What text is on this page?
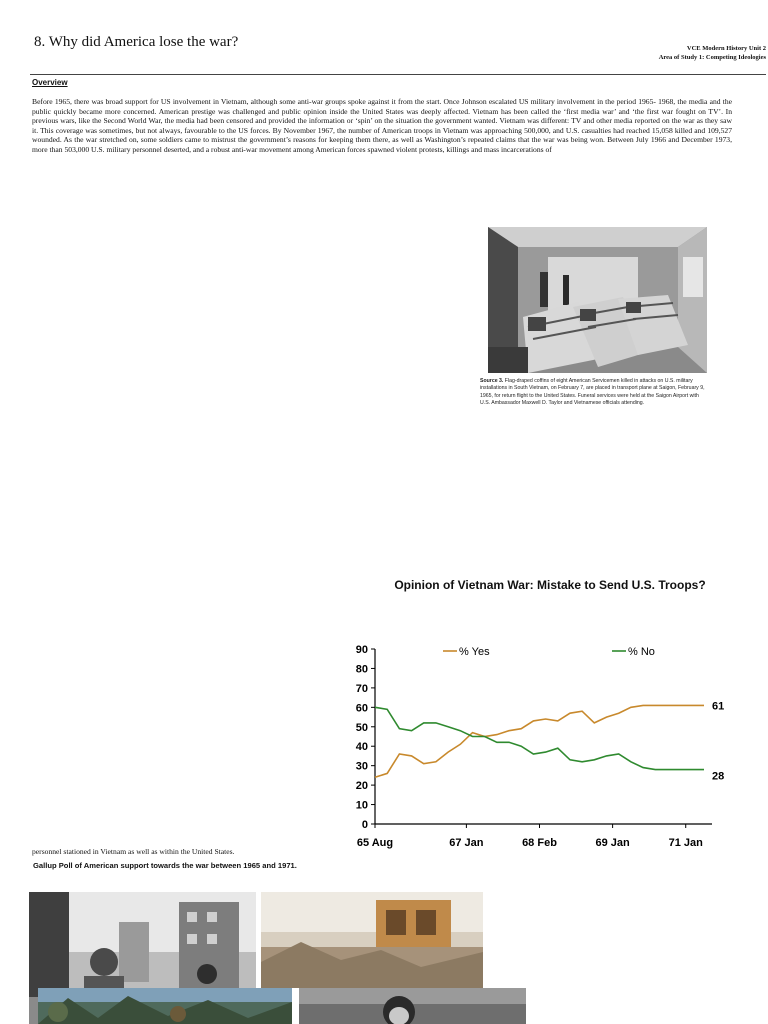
8. Why did America lose the war?	VCE Modern History Unit 2
Area of Study 1: Competing Ideologies
Overview

Before 1965, there was broad support for US involvement in Vietnam, although some anti-war groups spoke against it from the start. Once Johnson escalated US military involvement in the period 1965- 1968, the media and the public quickly became more concerned. American prestige was challenged and public opinion inside the United States was deeply affected. Vietnam has been called the ‘first media war’ and ‘the first war fought on TV’. In previous wars, like the Second World War, the media had been censored and provided the information or ‘spin’ on the situation the government wanted. Vietnam was different: TV and other media reported on the war as they saw it. This coverage was sometimes, but not always, favourable to the US forces. By November 1967, the number of American troops in Vietnam was approaching 500,000, and U.S. casualties had reached 15,058 killed and 109,527 wounded. As the war stretched on, some soldiers came to mistrust the government’s reasons for keeping them there, as well as Washington’s repeated claims that the war was being won. Between July 1966 and December 1973, more than 503,000 U.S. military personnel deserted, and a robust anti-war movement among American forces spawned violent protests, killings and mass incarcerations of

Source 3. Flag-draped coffins of eight American Servicemen killed in attacks on U.S. military installations in South Vietnam, on February 7, are placed in transport plane at Saigon, February 9, 1965, for return flight to the United States. Funeral services were held at the Saigon Airport with U.S. Ambassador Maxwell D. Taylor and Vietnamese officials attending.
Opinion of Vietnam War: Mistake to Send U.S. Troops?
0
10
20
30
40
50
60
70
80
90
65 Aug	67 Jan	68 Feb	69 Jan	71 Jan
61
28
% Yes	% No
personnel stationed in Vietnam as well as within the United States.
Gallup Poll of American support towards the war between 1965 and 1971.
